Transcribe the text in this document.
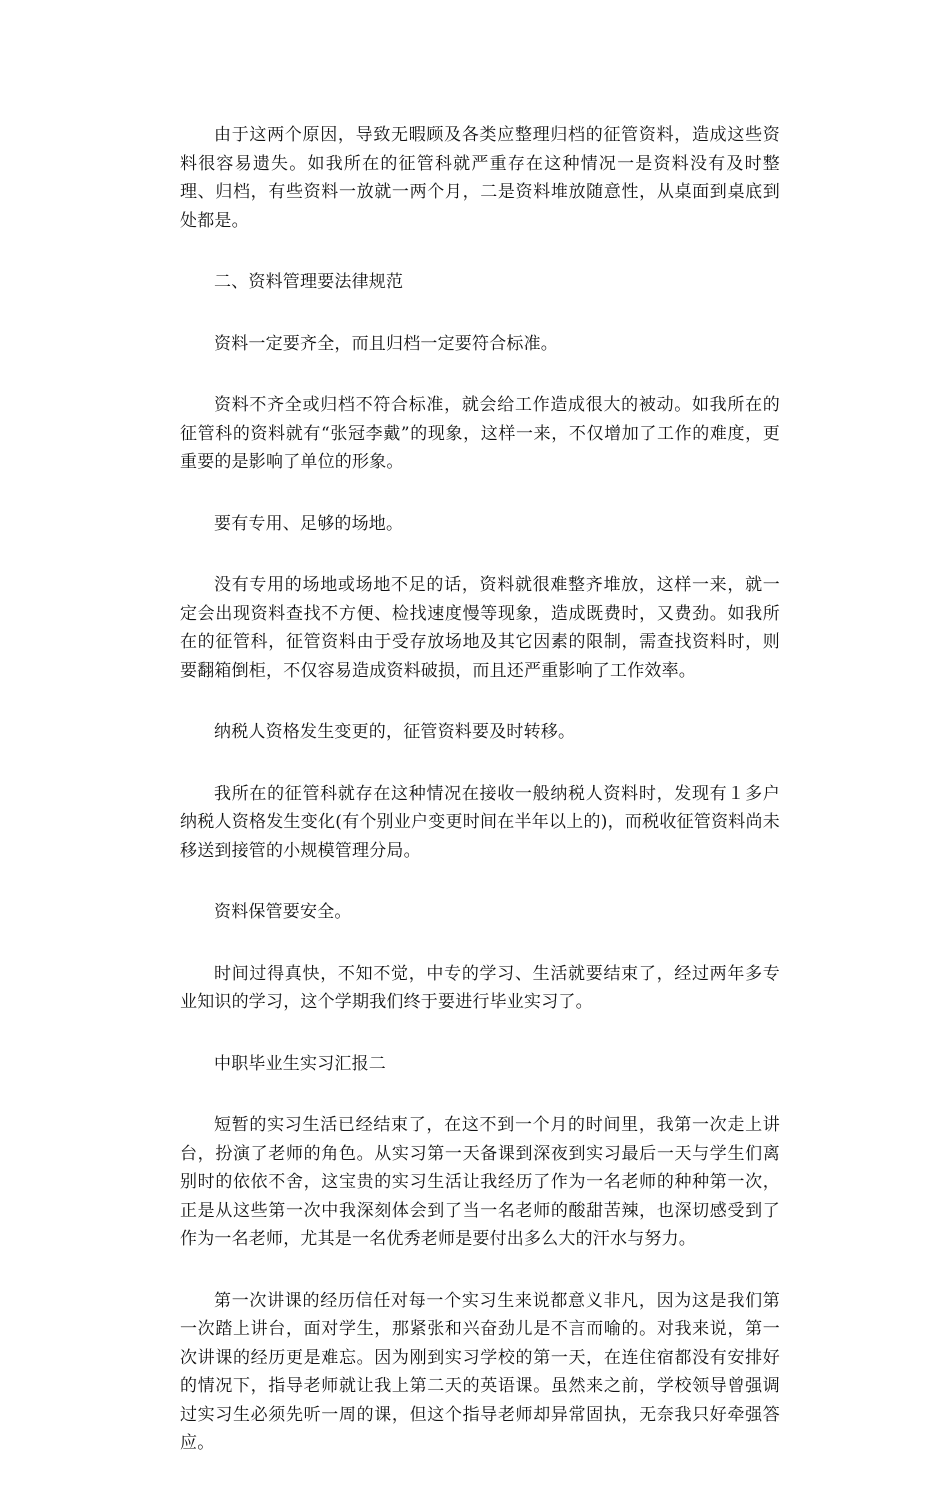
由于这两个原因，导致无暇顾及各类应整理归档的征管资料，造成这些资料很容易遗失。如我所在的征管科就严重存在这种情况一是资料没有及时整理、归档，有些资料一放就一两个月，二是资料堆放随意性，从桌面到桌底到处都是。

二、资料管理要法律规范

资料一定要齐全，而且归档一定要符合标准。

资料不齐全或归档不符合标准，就会给工作造成很大的被动。如我所在的征管科的资料就有“张冠李戴”的现象，这样一来，不仅增加了工作的难度，更重要的是影响了单位的形象。

要有专用、足够的场地。

没有专用的场地或场地不足的话，资料就很难整齐堆放，这样一来，就一定会出现资料查找不方便、检找速度慢等现象，造成既费时，又费劲。如我所在的征管科，征管资料由于受存放场地及其它因素的限制，需查找资料时，则要翻箱倒柜，不仅容易造成资料破损，而且还严重影响了工作效率。

纳税人资格发生变更的，征管资料要及时转移。

我所在的征管科就存在这种情况在接收一般纳税人资料时，发现有１多户纳税人资格发生变化(有个别业户变更时间在半年以上的)，而税收征管资料尚未移送到接管的小规模管理分局。

资料保管要安全。

时间过得真快，不知不觉，中专的学习、生活就要结束了，经过两年多专业知识的学习，这个学期我们终于要进行毕业实习了。

中职毕业生实习汇报二

短暂的实习生活已经结束了，在这不到一个月的时间里，我第一次走上讲台，扮演了老师的角色。从实习第一天备课到深夜到实习最后一天与学生们离别时的依依不舍，这宝贵的实习生活让我经历了作为一名老师的种种第一次，正是从这些第一次中我深刻体会到了当一名老师的酸甜苦辣，也深切感受到了作为一名老师，尤其是一名优秀老师是要付出多么大的汗水与努力。

第一次讲课的经历信任对每一个实习生来说都意义非凡，因为这是我们第一次踏上讲台，面对学生，那紧张和兴奋劲儿是不言而喻的。对我来说，第一次讲课的经历更是难忘。因为刚到实习学校的第一天，在连住宿都没有安排好的情况下，指导老师就让我上第二天的英语课。虽然来之前，学校领导曾强调过实习生必须先听一周的课，但这个指导老师却异常固执，无奈我只好牵强答应。
